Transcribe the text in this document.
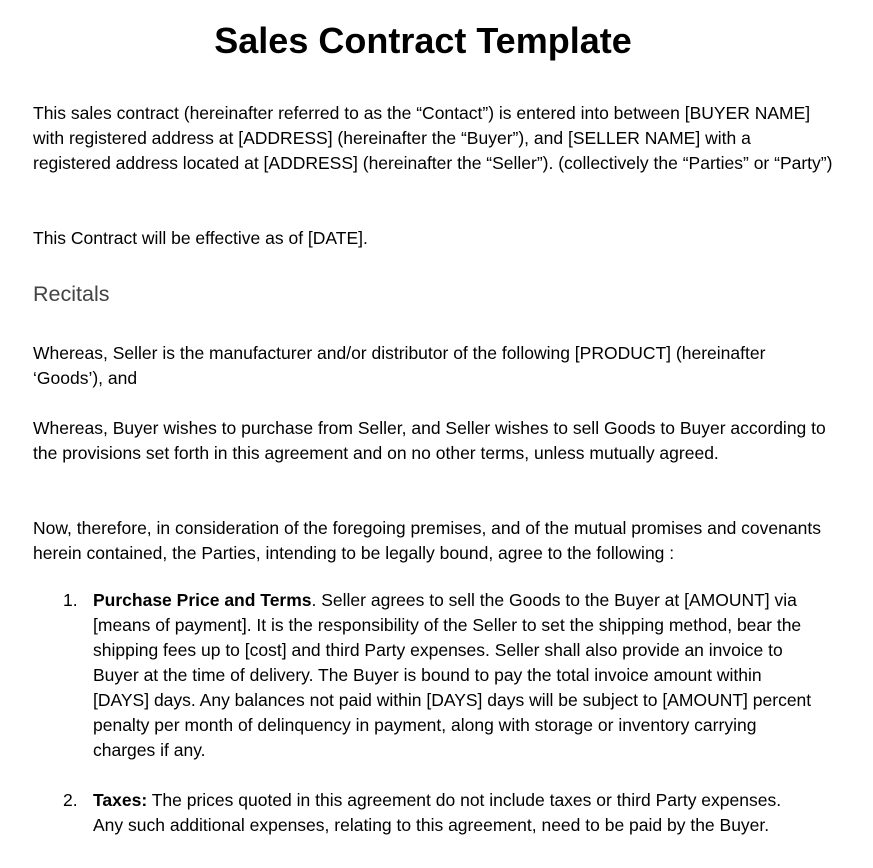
Sales Contract Template

This sales contract (hereinafter referred to as the “Contact”) is entered into between [BUYER NAME] with registered address at [ADDRESS] (hereinafter the “Buyer”), and [SELLER NAME] with a registered address located at [ADDRESS] (hereinafter the “Seller”). (collectively the “Parties” or “Party”)

This Contract will be effective as of [DATE].

Recitals

Whereas, Seller is the manufacturer and/or distributor of the following [PRODUCT] (hereinafter ‘Goods’), and

Whereas, Buyer wishes to purchase from Seller, and Seller wishes to sell Goods to Buyer according to the provisions set forth in this agreement and on no other terms, unless mutually agreed.

Now, therefore, in consideration of the foregoing premises, and of the mutual promises and covenants herein contained, the Parties, intending to be legally bound, agree to the following :

1. Purchase Price and Terms. Seller agrees to sell the Goods to the Buyer at [AMOUNT] via [means of payment]. It is the responsibility of the Seller to set the shipping method, bear the shipping fees up to [cost] and third Party expenses. Seller shall also provide an invoice to Buyer at the time of delivery. The Buyer is bound to pay the total invoice amount within [DAYS] days. Any balances not paid within [DAYS] days will be subject to [AMOUNT] percent penalty per month of delinquency in payment, along with storage or inventory carrying charges if any.

2. Taxes: The prices quoted in this agreement do not include taxes or third Party expenses. Any such additional expenses, relating to this agreement, need to be paid by the Buyer.
